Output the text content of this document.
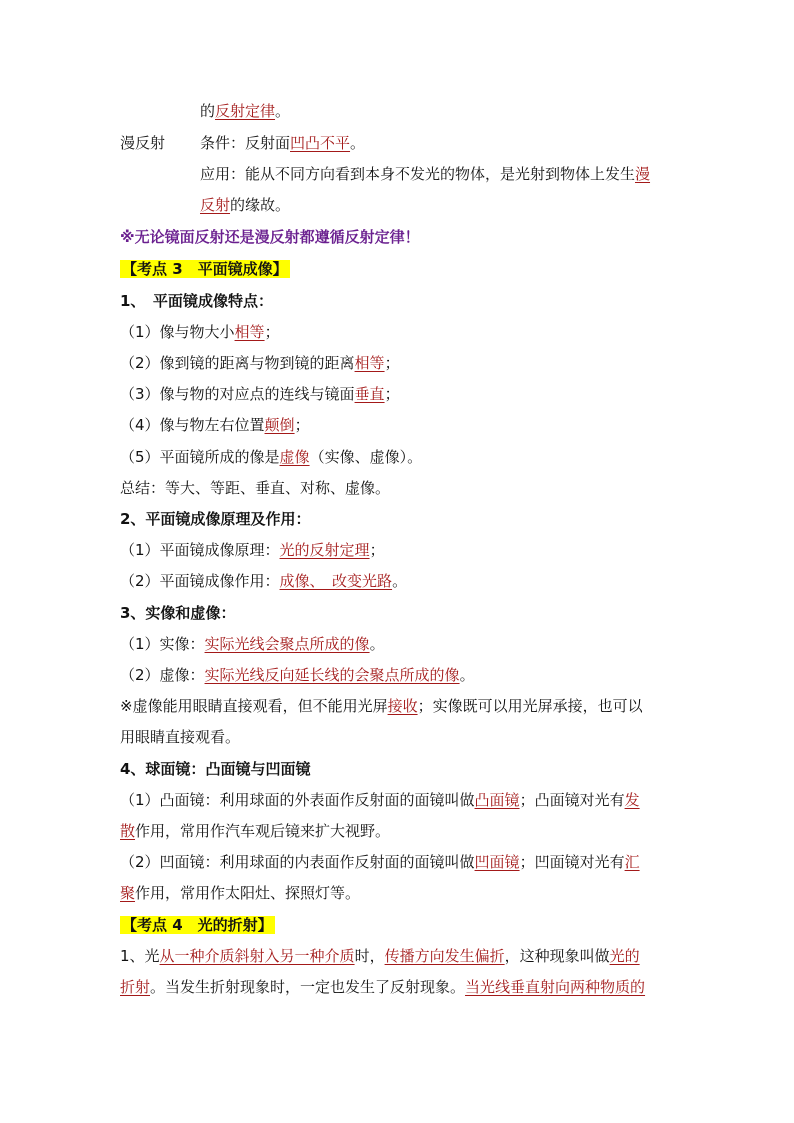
的反射定律。
漫反射 条件：反射面凹凸不平。
应用：能从不同方向看到本身不发光的物体，是光射到物体上发生漫
反射的缘故。
※无论镜面反射还是漫反射都遵循反射定律！
【考点 3　平面镜成像】
1、　平面镜成像特点：
（1）像与物大小相等；
（2）像到镜的距离与物到镜的距离相等；
（3）像与物的对应点的连线与镜面垂直；
（4）像与物左右位置颠倒；
（5）平面镜所成的像是虚像（实像、虚像）。
总结：等大、等距、垂直、对称、虚像。
2、平面镜成像原理及作用：
（1）平面镜成像原理：光的反射定理；
（2）平面镜成像作用：成像、　改变光路。
3、实像和虚像：
（1）实像：实际光线会聚点所成的像。
（2）虚像：实际光线反向延长线的会聚点所成的像。
※虚像能用眼睛直接观看，但不能用光屏接收；实像既可以用光屏承接，也可以
用眼睛直接观看。
4、球面镜：凸面镜与凹面镜
（1）凸面镜：利用球面的外表面作反射面的面镜叫做凸面镜；凸面镜对光有发
散作用，常用作汽车观后镜来扩大视野。
（2）凹面镜：利用球面的内表面作反射面的面镜叫做凹面镜；凹面镜对光有汇
聚作用，常用作太阳灶、探照灯等。
【考点 4　光的折射】
1、光从一种介质斜射入另一种介质时，传播方向发生偏折，这种现象叫做光的
折射。当发生折射现象时，一定也发生了反射现象。当光线垂直射向两种物质的
